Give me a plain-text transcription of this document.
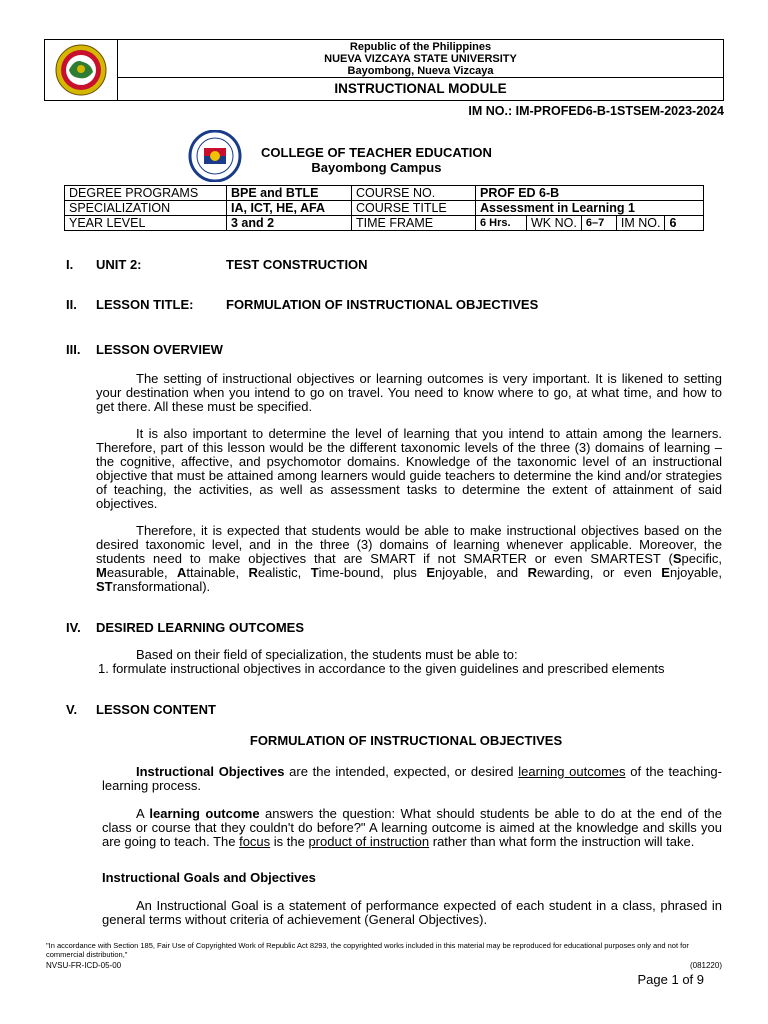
Republic of the Philippines
NUEVA VIZCAYA STATE UNIVERSITY
Bayombong, Nueva Vizcaya
INSTRUCTIONAL MODULE
IM NO.: IM-PROFED6-B-1STSEM-2023-2024
COLLEGE OF TEACHER EDUCATION
Bayombong Campus
DEGREE PROGRAMS	BPE and BTLE	COURSE NO.	PROF ED 6-B
SPECIALIZATION	IA, ICT, HE, AFA	COURSE TITLE	Assessment in Learning 1
YEAR LEVEL	3 and 2	TIME FRAME	6 Hrs. WK NO. 6–7 IM NO. 6
I. UNIT 2:	TEST CONSTRUCTION
II. LESSON TITLE:	FORMULATION OF INSTRUCTIONAL OBJECTIVES
III. LESSON OVERVIEW
The setting of instructional objectives or learning outcomes is very important. It is likened to setting your destination when you intend to go on travel. You need to know where to go, at what time, and how to get there. All these must be specified.
It is also important to determine the level of learning that you intend to attain among the learners. Therefore, part of this lesson would be the different taxonomic levels of the three (3) domains of learning – the cognitive, affective, and psychomotor domains. Knowledge of the taxonomic level of an instructional objective that must be attained among learners would guide teachers to determine the kind and/or strategies of teaching, the activities, as well as assessment tasks to determine the extent of attainment of said objectives.
Therefore, it is expected that students would be able to make instructional objectives based on the desired taxonomic level, and in the three (3) domains of learning whenever applicable. Moreover, the students need to make objectives that are SMART if not SMARTER or even SMARTEST (Specific, Measurable, Attainable, Realistic, Time-bound, plus Enjoyable, and Rewarding, or even Enjoyable, STransformational).
IV. DESIRED LEARNING OUTCOMES
Based on their field of specialization, the students must be able to:
1. formulate instructional objectives in accordance to the given guidelines and prescribed elements
V. LESSON CONTENT
FORMULATION OF INSTRUCTIONAL OBJECTIVES
Instructional Objectives are the intended, expected, or desired learning outcomes of the teaching-learning process.
A learning outcome answers the question: What should students be able to do at the end of the class or course that they couldn't do before?" A learning outcome is aimed at the knowledge and skills you are going to teach. The focus is the product of instruction rather than what form the instruction will take.
Instructional Goals and Objectives
An Instructional Goal is a statement of performance expected of each student in a class, phrased in general terms without criteria of achievement (General Objectives).
"In accordance with Section 185, Fair Use of Copyrighted Work of Republic Act 8293, the copyrighted works included in this material may be reproduced for educational purposes only and not for commercial distribution,"
NVSU-FR-ICD-05-00	(081220)
Page 1 of 9
